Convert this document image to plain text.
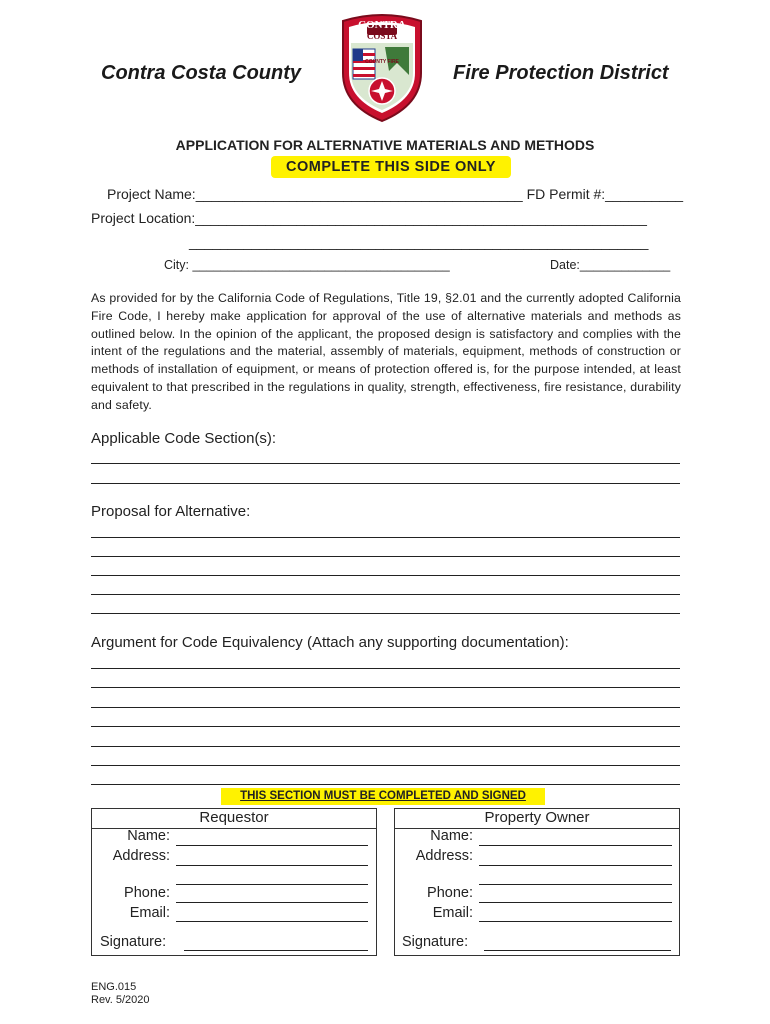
Contra Costa County	Fire Protection District
CONTRA
COSTA
COUNTY FIRE
APPLICATION FOR ALTERNATIVE MATERIALS AND METHODS
COMPLETE THIS SIDE ONLY
Project Name:__________________________________________ FD Permit #:__________
Project Location:__________________________________________________________
___________________________________________________________
City: _____________________________________	Date:_____________
As provided for by the California Code of Regulations, Title 19, §2.01 and the currently adopted California Fire Code, I hereby make application for approval of the use of alternative materials and methods as outlined below. In the opinion of the applicant, the proposed design is satisfactory and complies with the intent of the regulations and the material, assembly of materials, equipment, methods of construction or methods of installation of equipment, or means of protection offered is, for the purpose intended, at least equivalent to that prescribed in the regulations in quality, strength, effectiveness, fire resistance, durability and safety.
Applicable Code Section(s):
Proposal for Alternative:
Argument for Code Equivalency (Attach any supporting documentation):
THIS SECTION MUST BE COMPLETED AND SIGNED
Requestor
Name:
Address:
Phone:
Email:
Signature:
Property Owner
Name:
Address:
Phone:
Email:
Signature:
ENG.015
Rev. 5/2020
